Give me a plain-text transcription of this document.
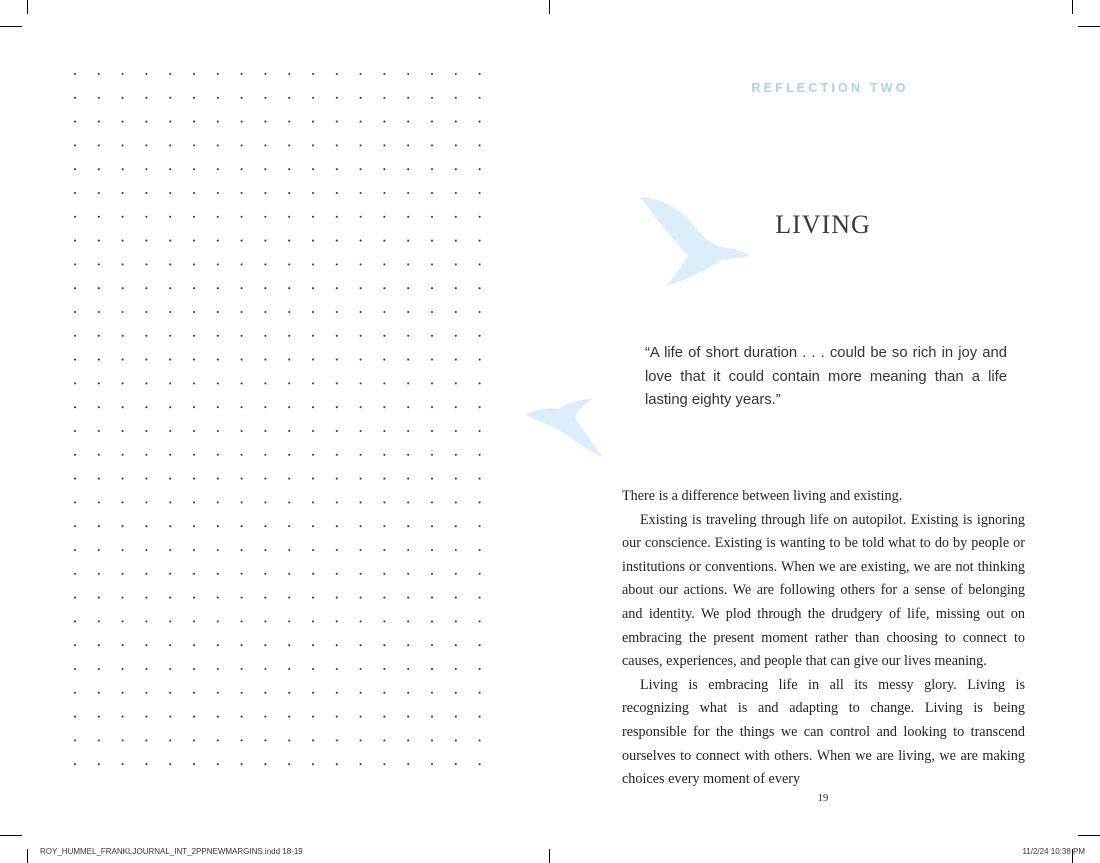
REFLECTION TWO
LIVING
“A life of short duration . . . could be so rich in joy and love that it could contain more meaning than a life lasting eighty years.”

There is a difference between living and existing.

Existing is traveling through life on autopilot. Existing is ignoring our conscience. Existing is wanting to be told what to do by people or institutions or conventions. When we are existing, we are not thinking about our actions. We are following others for a sense of belonging and identity. We plod through the drudgery of life, missing out on embracing the present moment rather than choosing to connect to causes, experiences, and people that can give our lives meaning.

Living is embracing life in all its messy glory. Living is recognizing what is and adapting to change. Living is being responsible for the things we can control and looking to transcend ourselves to connect with others. When we are living, we are making choices every moment of every

19
ROY_HUMMEL_FRANKLJOURNAL_INT_2PPNEWMARGINS.indd 18-19	11/2/24 10:38 PM
